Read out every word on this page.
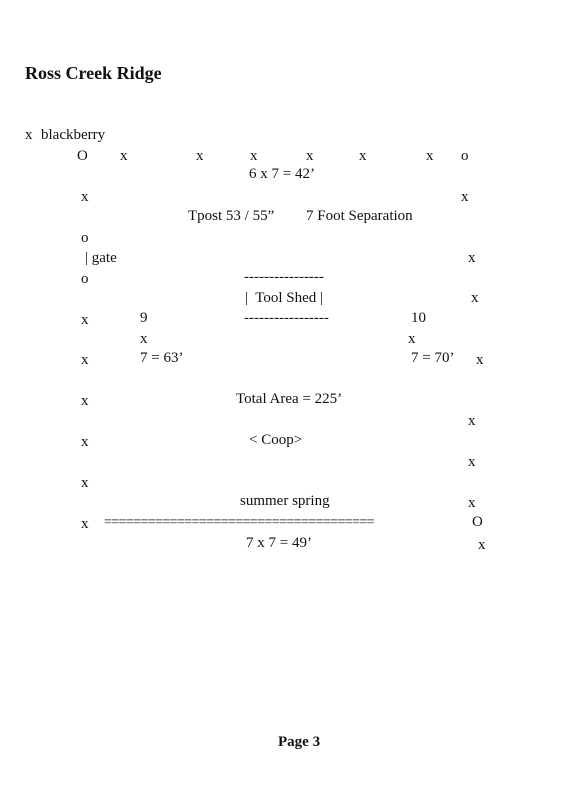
Ross Creek Ridge
x blackberry
O x	x	x	x	x	x o
6 x 7 = 42’
x	x
Tpost 53 / 55” 7 Foot Separation
o
| gate	x
o	----------------
|  Tool Shed |	x
x	9	-----------------	10
x	x
x	7 = 63’	7 = 70’ x
x	Total Area = 225’
x
x	< Coop>
x
x
summer spring	x
x =====================================	O
7 x 7 = 49’	x
Page 3
